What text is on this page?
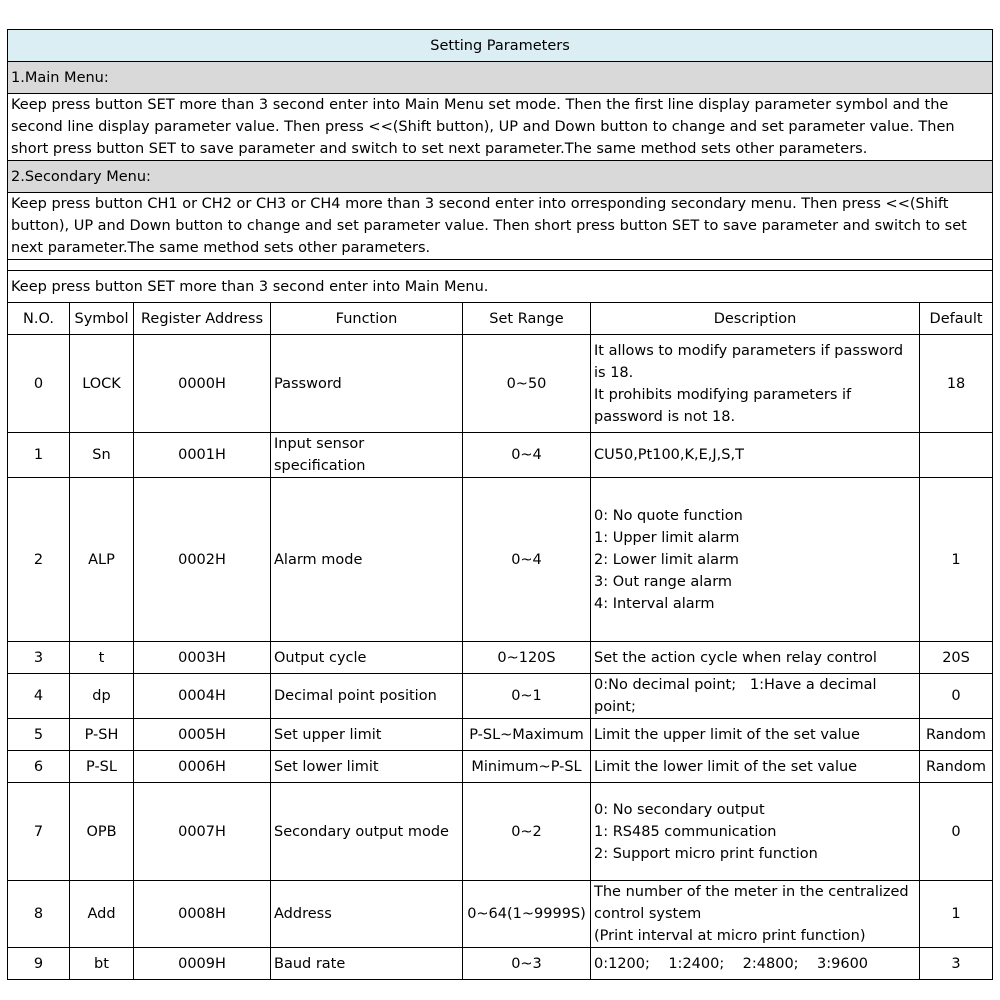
Setting Parameters						
1.Main Menu:						
Keep press button SET more than 3 second enter into Main Menu set mode. Then the first line display parameter symbol and the second line display parameter value. Then press <<(Shift button), UP and Down button to change and set parameter value. Then short press button SET to save parameter and switch to set next parameter.The same method sets other parameters.						
2.Secondary Menu:						
Keep press button CH1 or CH2 or CH3 or CH4 more than 3 second enter into orresponding secondary menu. Then press <<(Shift button), UP and Down button to change and set parameter value. Then short press button SET to save parameter and switch to set next parameter.The same method sets other parameters.						

Keep press button SET more than 3 second enter into Main Menu.						
N.O.	Symbol	Register Address	Function	Set Range	Description	Default
0	LOCK	0000H	Password	0~50	It allows to modify parameters if password is 18.
It prohibits modifying parameters if password is not 18.	18
1	Sn	0001H	Input sensor specification	0~4	CU50,Pt100,K,E,J,S,T	

2	ALP	0002H	Alarm mode	0~4	0: No quote function
1: Upper limit alarm
2: Lower limit alarm
3: Out range alarm
4: Interval alarm	1
3	t	0003H	Output cycle	0~120S	Set the action cycle when relay control	20S
4	dp	0004H	Decimal point position	0~1	0:No decimal point;   1:Have a decimal point;	0
5	P-SH	0005H	Set upper limit	P-SL~Maximum	Limit the upper limit of the set value	Random
6	P-SL	0006H	Set lower limit	Minimum~P-SL	Limit the lower limit of the set value	Random
7	OPB	0007H	Secondary output mode	0~2	0: No secondary output
1: RS485 communication
2: Support micro print function	0
8	Add	0008H	Address	0~64(1~9999S)	The number of the meter in the centralized control system
(Print interval at micro print function)	1
9	bt	0009H	Baud rate	0~3	0:1200;    1:2400;    2:4800;    3:9600	3
